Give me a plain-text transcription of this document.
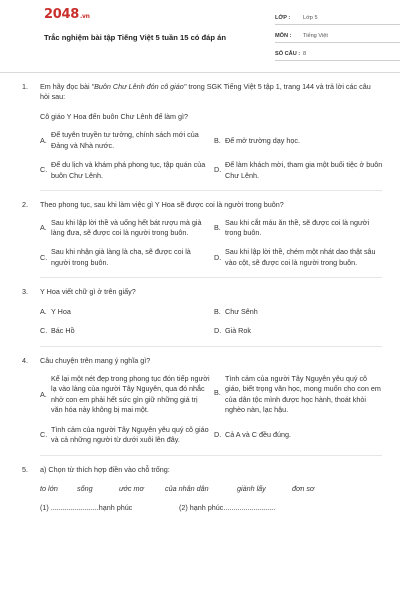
2048.vn
Trắc nghiệm bài tập Tiếng Việt 5 tuần 15 có đáp án
LỚP :	Lớp 5
MÔN :	Tiếng Việt
SỐ CÂU : 8
1.	Em hãy đọc bài "Buôn Chư Lênh đón cô giáo" trong SGK Tiếng Việt 5 tập 1, trang 144 và trả lời các câu hỏi sau:
Cô giáo Y Hoa đến buôn Chư Lênh để làm gì?
A.
Để tuyên truyền tư tưởng, chính sách mới của Đảng và Nhà nước.
B. Để mở trường dạy học.
C.
Để du lịch và khám phá phong tục, tập quán của buôn Chư Lênh.
D.
Để làm khách mời, tham gia một buổi tiệc ở buôn Chư Lênh.
2.	Theo phong tục, sau khi làm việc gì Y Hoa sẽ được coi là người trong buôn?
A.
Sau khi lập lời thề và uống hết bát rượu mà già làng đưa, sẽ được coi là người trong buôn.
B.
Sau khi cắt máu ăn thề, sẽ được coi là người trong buôn.
C.
Sau khi nhận già làng là cha, sẽ được coi là người trong buôn.
D.
Sau khi lập lời thề, chém một nhát dao thật sâu vào cột, sẽ được coi là người trong buôn.
3.	Y Hoa viết chữ gì ở trên giấy?
A. Y Hoa	B. Chư Sênh
C. Bác Hồ	D. Già Rok
4.	Câu chuyện trên mang ý nghĩa gì?
A.
Kể lại một nét đẹp trong phong tục đón tiếp người lạ vào làng của người Tây Nguyên, qua đó nhắc nhở con em phải hết sức gìn giữ những giá trị văn hóa này không bị mai một.
B.
Tình cảm của người Tây Nguyên yêu quý cô giáo, biết trọng văn học, mong muốn cho con em của dân tộc mình được học hành, thoát khỏi nghèo nàn, lạc hậu.
C.
Tình cảm của người Tây Nguyên yêu quý cô giáo và cả những người từ dưới xuôi lên đây.
D. Cả A và C đều đúng.
5.	a) Chọn từ thích hợp điền vào chỗ trống:
to lớn	sống	ước mơ	của nhân dân	giành lấy	đơn sơ
(1) ........................hạnh phúc	(2) hạnh phúc..........................
